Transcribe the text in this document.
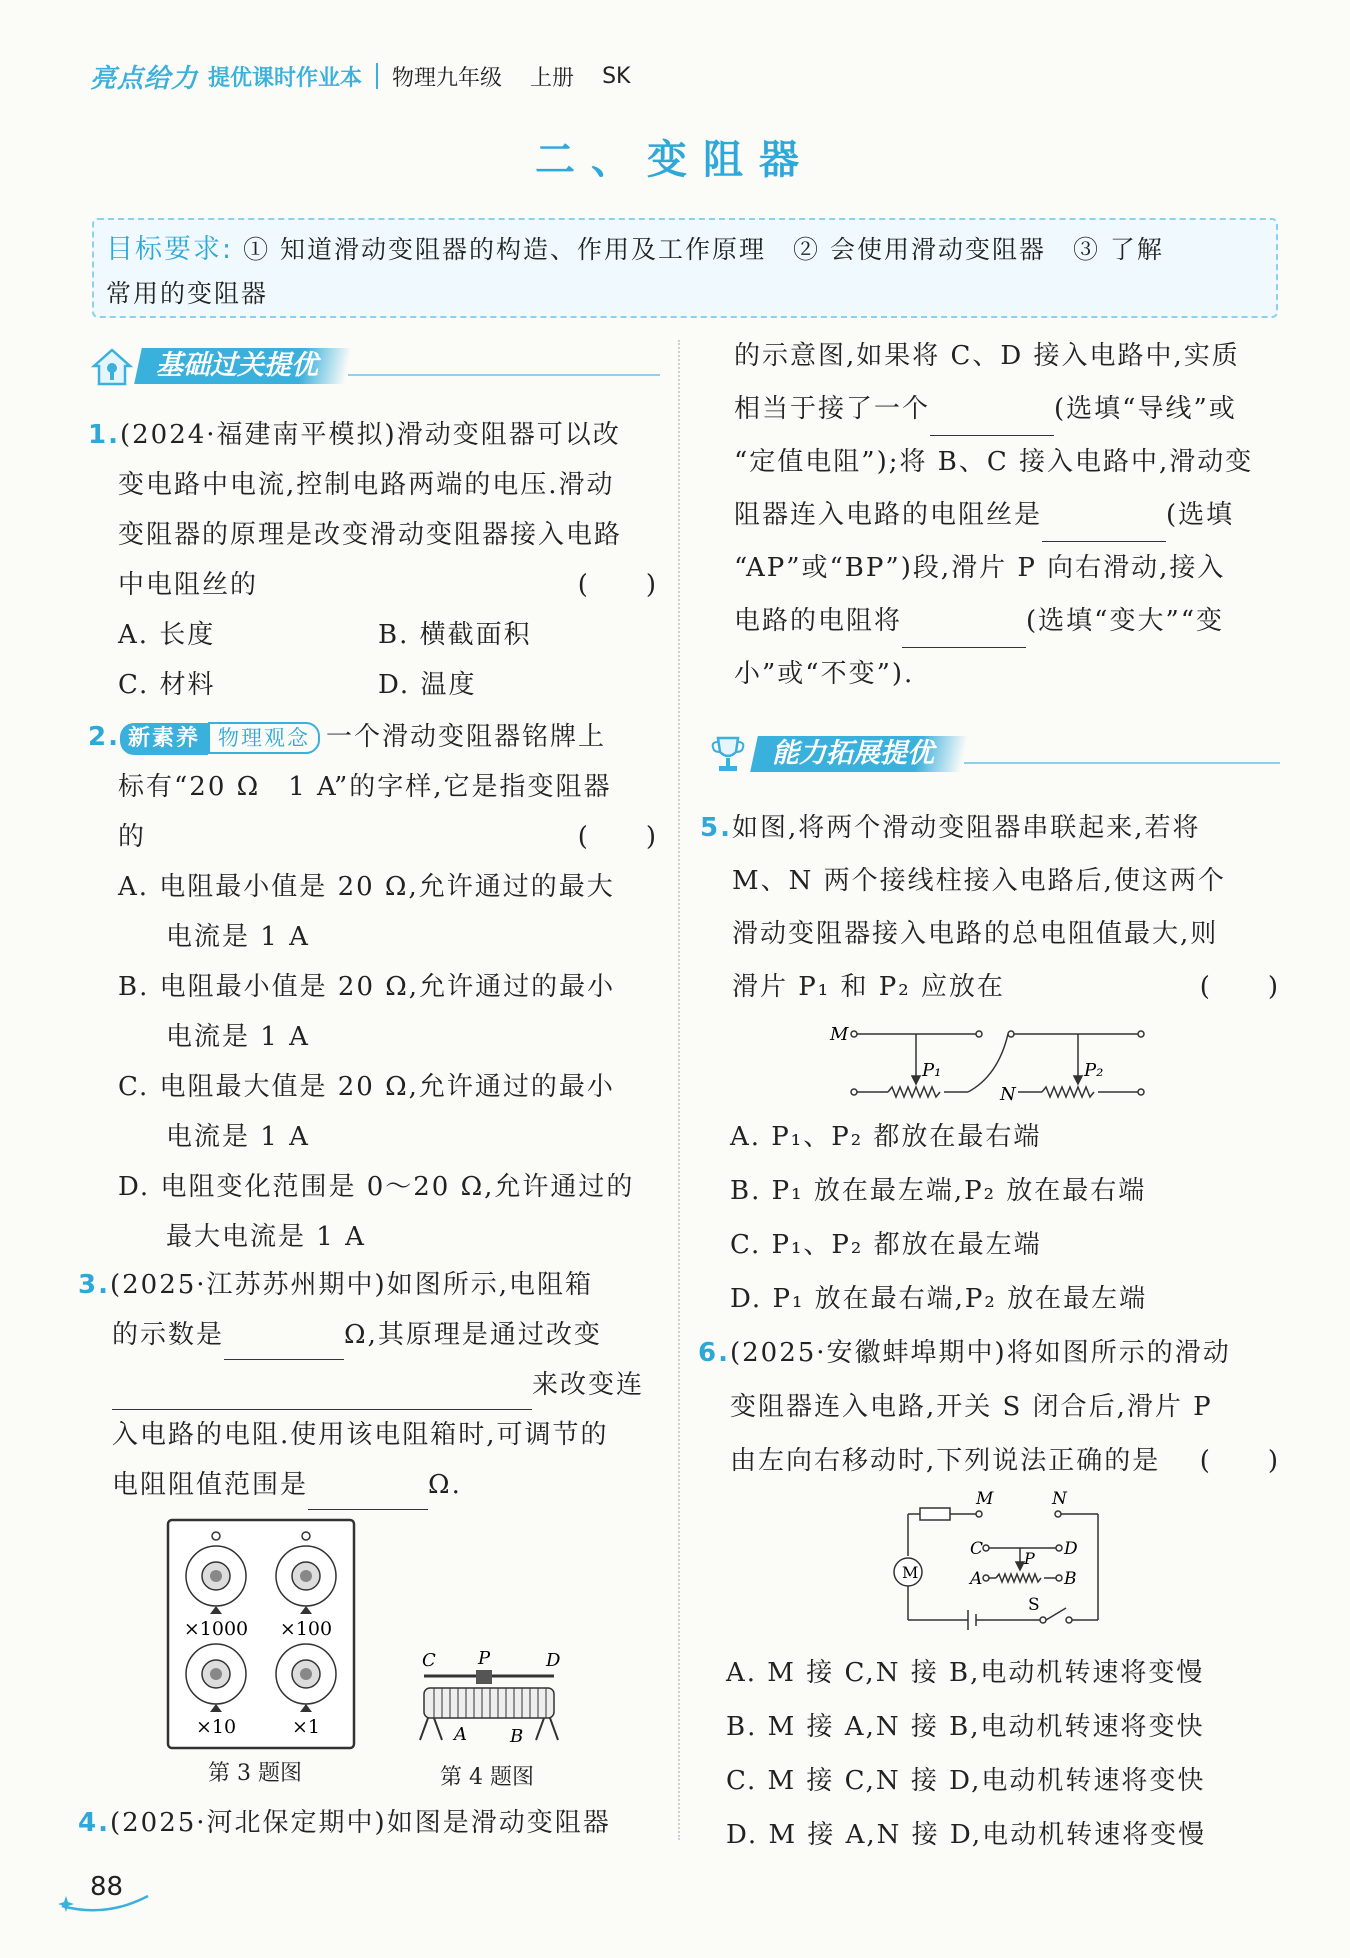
亮点给力 提优课时作业本 物理九年级 上册 SK
二、变阻器
目标要求: ① 知道滑动变阻器的构造、作用及工作原理　② 会使用滑动变阻器　③ 了解
常用的变阻器
基础过关提优

1.(2024·福建南平模拟)滑动变阻器可以改

变电路中电流,控制电路两端的电压.滑动

变阻器的原理是改变滑动变阻器接入电路

中电阻丝的	(　　)

A. 长度	B. 横截面积

C. 材料	D. 温度

2. 新素养 物理观念 一个滑动变阻器铭牌上

标有“20 Ω　1 A”的字样,它是指变阻器

的	(　　)

A. 电阻最小值是 20 Ω,允许通过的最大

电流是 1 A

B. 电阻最小值是 20 Ω,允许通过的最小

电流是 1 A

C. 电阻最大值是 20 Ω,允许通过的最小

电流是 1 A

D. 电阻变化范围是 0～20 Ω,允许通过的

最大电流是 1 A

3.(2025·江苏苏州期中)如图所示,电阻箱

的示数是	Ω,其原理是通过改变

来改变连

入电路的电阻.使用该电阻箱时,可调节的

电阻阻值范围是	Ω.

×1000 ×100
×10	×1
第 3 题图
C P	D
A B
第 4 题图

4.(2025·河北保定期中)如图是滑动变阻器

的示意图,如果将 C、D 接入电路中,实质

相当于接了一个	(选填“导线”或

“定值电阻”);将 B、C 接入电路中,滑动变

阻器连入电路的电阻丝是	(选填

“AP”或“BP”)段,滑片 P 向右滑动,接入

电路的电阻将	(选填“变大”“变

小”或“不变”).

能力拓展提优

5.如图,将两个滑动变阻器串联起来,若将

M、N 两个接线柱接入电路后,使这两个

滑动变阻器接入电路的总电阻值最大,则

滑片 P₁ 和 P₂ 应放在	(　　)

M
P₁
N
P₂

A. P₁、P₂ 都放在最右端

B. P₁ 放在最左端,P₂ 放在最右端

C. P₁、P₂ 都放在最左端

D. P₁ 放在最右端,P₂ 放在最左端

6.(2025·安徽蚌埠期中)将如图所示的滑动

变阻器连入电路,开关 S 闭合后,滑片 P

由左向右移动时,下列说法正确的是 (　　)

M
M	N
C	D
P
A	B
S

A. M 接 C,N 接 B,电动机转速将变慢

B. M 接 A,N 接 B,电动机转速将变快

C. M 接 C,N 接 D,电动机转速将变快

D. M 接 A,N 接 D,电动机转速将变慢

88
